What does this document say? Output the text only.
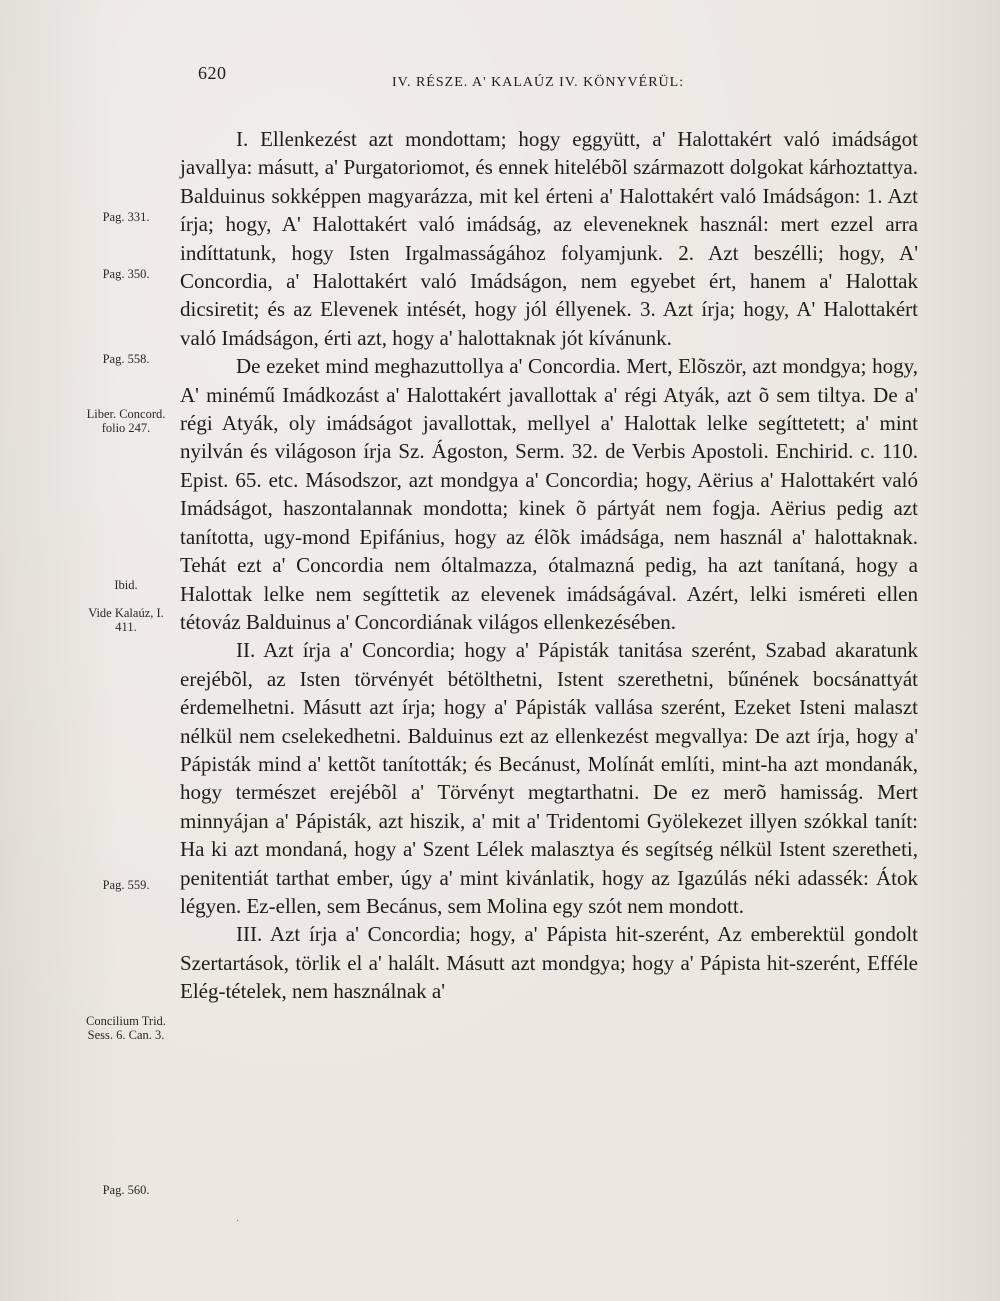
620	IV. RÉSZE. A' KALAÚZ IV. KÖNYVÉRÜL:
Pag. 331.
Pag. 350.
Pag. 558.
Liber. Concord. folio 247.
Ibid.
Vide Kalaúz, I. 411.
Pag. 559.
Concilium Trid. Sess. 6. Can. 3.
Pag. 560.

I. Ellenkezést azt mondottam; hogy eggyütt, a' Halottakért való imádságot javallya: másutt, a' Purgatoriomot, és ennek hitelébõl származott dolgokat kárhoztattya. Balduinus sokképpen magyarázza, mit kel érteni a' Halottakért való Imádságon: 1. Azt írja; hogy, A' Halottakért való imádság, az eleveneknek használ: mert ezzel arra indíttatunk, hogy Isten Irgalmasságához folyamjunk. 2. Azt beszélli; hogy, A' Concordia, a' Halottakért való Imádságon, nem egyebet ért, hanem a' Halottak dicsiretit; és az Elevenek intését, hogy jól éllyenek. 3. Azt írja; hogy, A' Halottakért való Imádságon, érti azt, hogy a' halottaknak jót kívánunk.

De ezeket mind meghazuttollya a' Concordia. Mert, Elõször, azt mondgya; hogy, A' minémű Imádkozást a' Halottakért javallottak a' régi Atyák, azt õ sem tiltya. De a' régi Atyák, oly imádságot javallottak, mellyel a' Halottak lelke segíttetett; a' mint nyilván és világoson írja Sz. Ágoston, Serm. 32. de Verbis Apostoli. Enchirid. c. 110. Epist. 65. etc. Másodszor, azt mondgya a' Concordia; hogy, Aërius a' Halottakért való Imádságot, haszontalannak mondotta; kinek õ pártyát nem fogja. Aërius pedig azt tanította, ugy-mond Epifánius, hogy az élõk imádsága, nem használ a' halottaknak. Tehát ezt a' Concordia nem óltalmazza, ótalmazná pedig, ha azt tanítaná, hogy a Halottak lelke nem segíttetik az elevenek imádságával. Azért, lelki isméreti ellen tétováz Balduinus a' Concordiának világos ellenkezésében.

II. Azt írja a' Concordia; hogy a' Pápisták tanitása szerént, Szabad akaratunk erejébõl, az Isten törvényét bétölthetni, Istent szerethetni, bűnének bocsánattyát érdemelhetni. Másutt azt írja; hogy a' Pápisták vallása szerént, Ezeket Isteni malaszt nélkül nem cselekedhetni. Balduinus ezt az ellenkezést megvallya: De azt írja, hogy a' Pápisták mind a' kettõt tanították; és Becánust, Molínát említi, mint-ha azt mondanák, hogy természet erejébõl a' Törvényt megtarthatni. De ez merõ hamisság. Mert minnyájan a' Pápisták, azt hiszik, a' mit a' Tridentomi Gyölekezet illyen szókkal tanít: Ha ki azt mondaná, hogy a' Szent Lélek malasztya és segítség nélkül Istent szeretheti, penitentiát tarthat ember, úgy a' mint kivánlatik, hogy az Igazúlás néki adassék: Átok légyen. Ez-ellen, sem Becánus, sem Molina egy szót nem mondott.

III. Azt írja a' Concordia; hogy, a' Pápista hit-szerént, Az emberektül gondolt Szertartások, törlik el a' halált. Másutt azt mondgya; hogy a' Pápista hit-szerént, Efféle Elég-tételek, nem használnak a'

·
